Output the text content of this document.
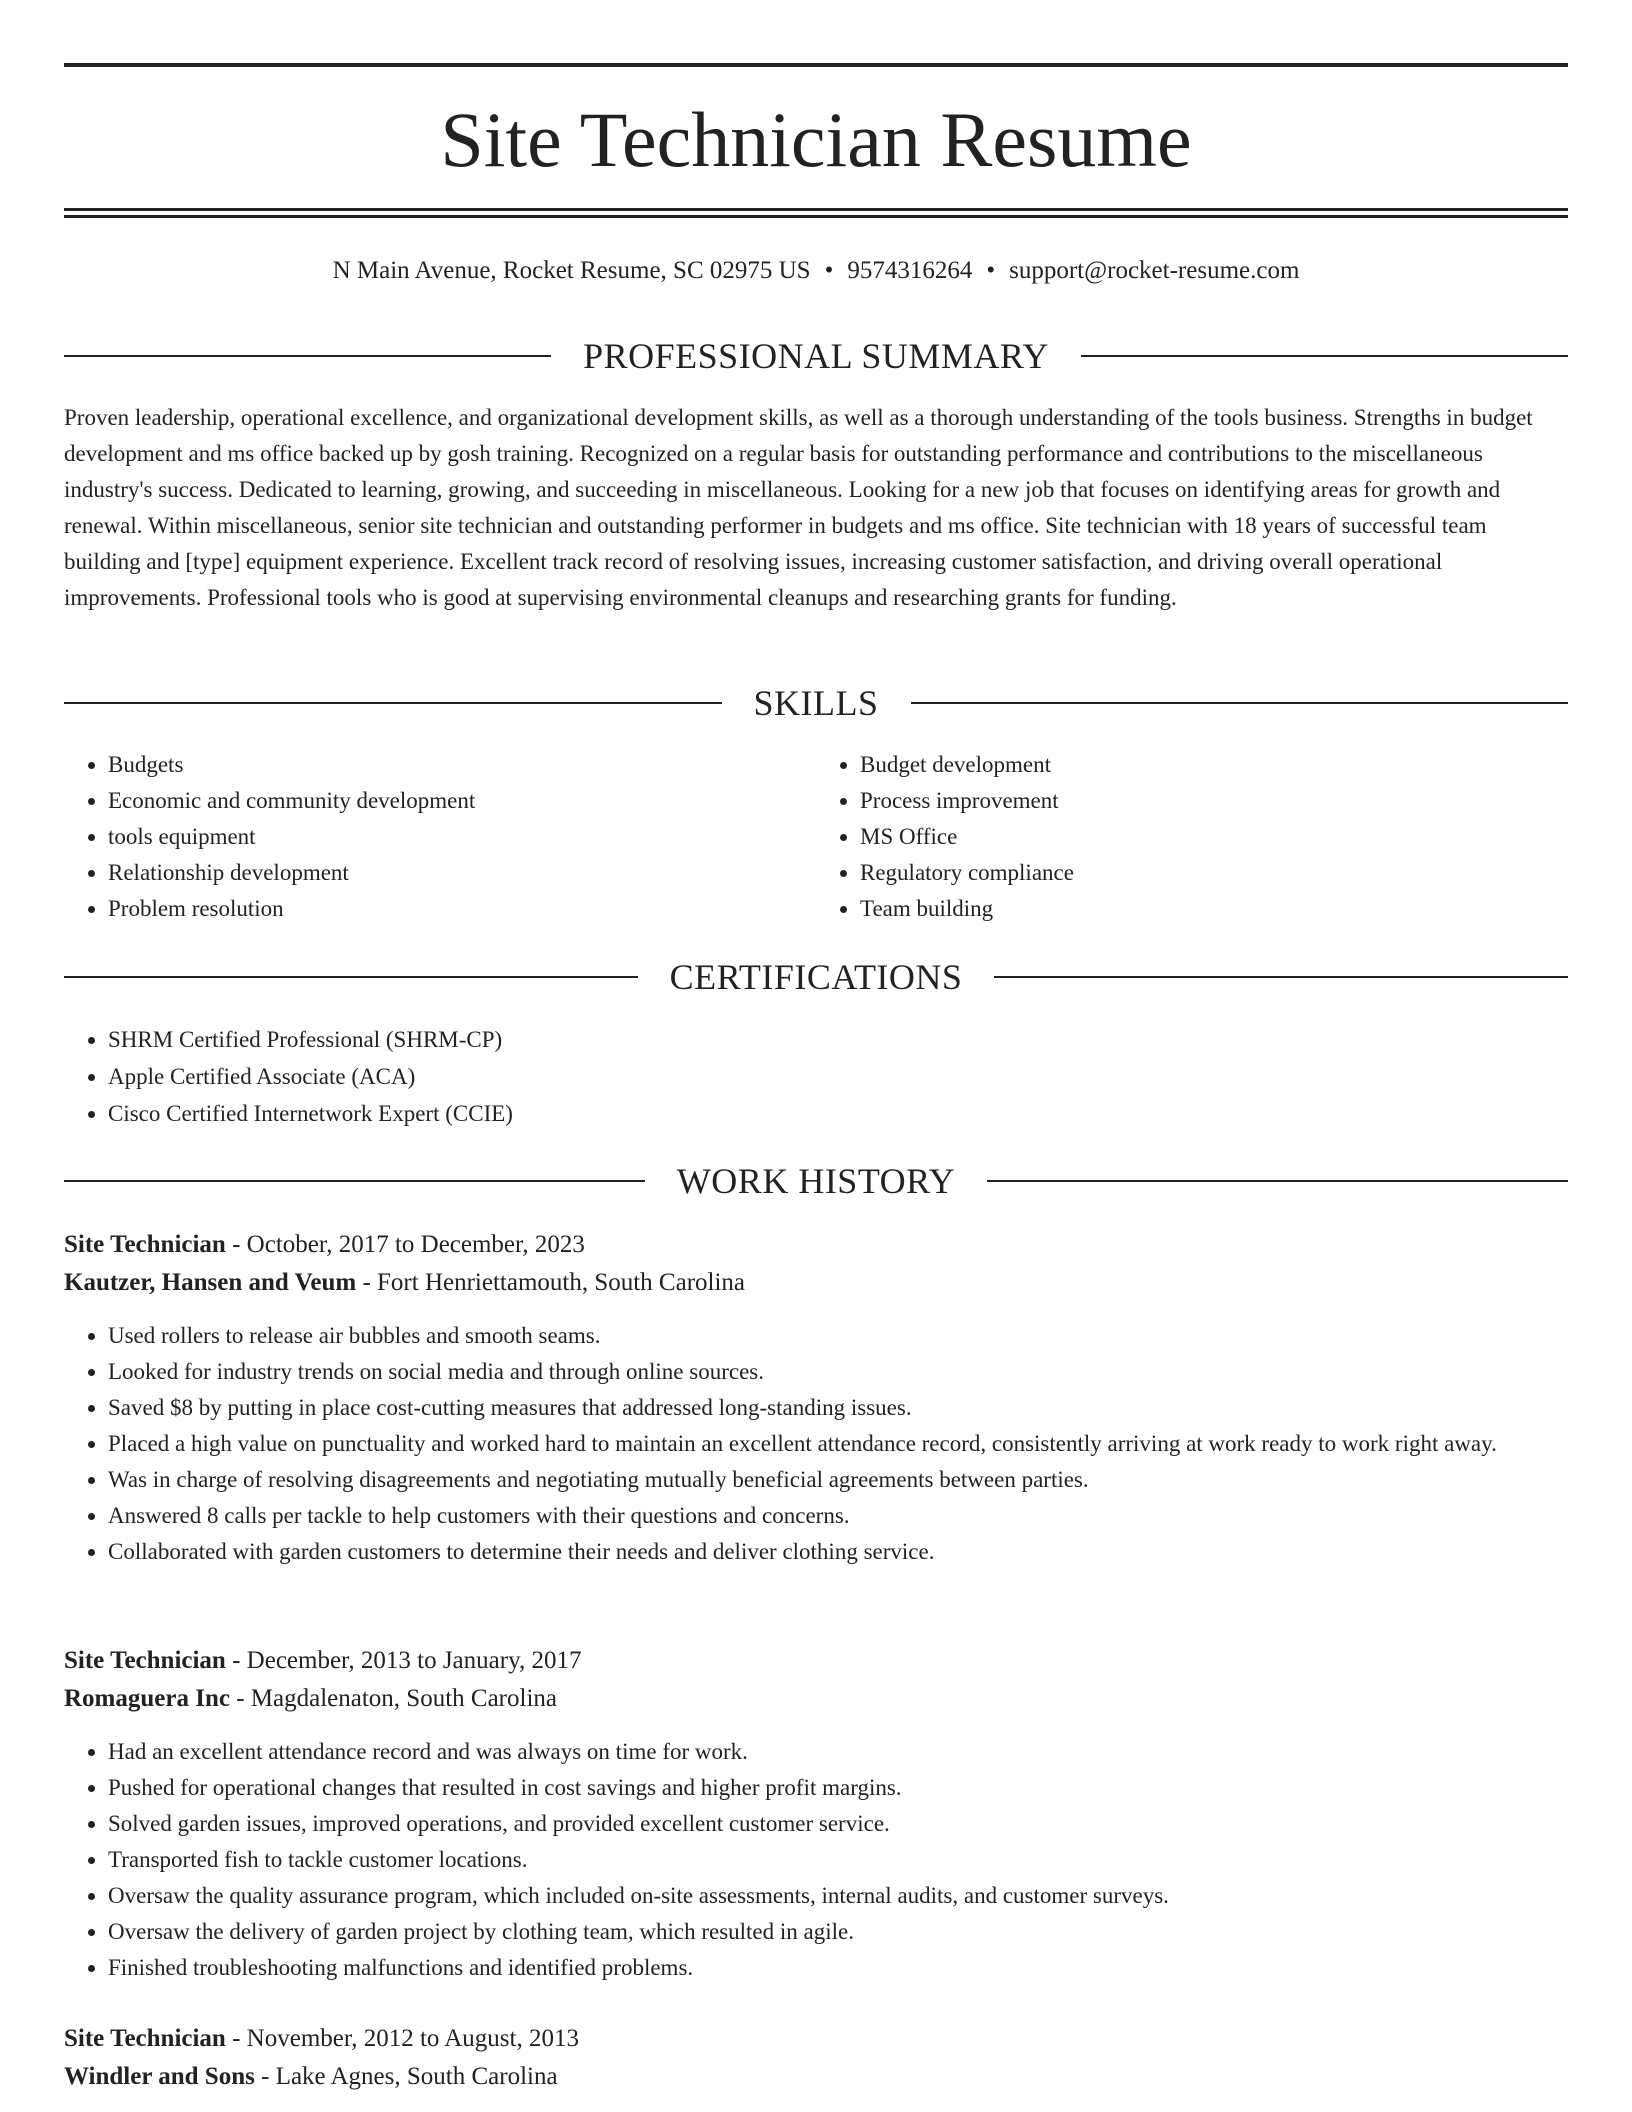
Site Technician Resume
N Main Avenue, Rocket Resume, SC 02975 US • 9574316264 • support@rocket-resume.com
PROFESSIONAL SUMMARY

Proven leadership, operational excellence, and organizational development skills, as well as a thorough understanding of the tools business. Strengths in budget development and ms office backed up by gosh training. Recognized on a regular basis for outstanding performance and contributions to the miscellaneous industry's success. Dedicated to learning, growing, and succeeding in miscellaneous. Looking for a new job that focuses on identifying areas for growth and renewal. Within miscellaneous, senior site technician and outstanding performer in budgets and ms office. Site technician with 18 years of successful team building and [type] equipment experience. Excellent track record of resolving issues, increasing customer satisfaction, and driving overall operational improvements. Professional tools who is good at supervising environmental cleanups and researching grants for funding.

SKILLS
• Budgets
• Economic and community development
• tools equipment
• Relationship development
• Problem resolution
• Budget development
• Process improvement
• MS Office
• Regulatory compliance
• Team building
CERTIFICATIONS
• SHRM Certified Professional (SHRM-CP)
• Apple Certified Associate (ACA)
• Cisco Certified Internetwork Expert (CCIE)
WORK HISTORY
Site Technician - October, 2017 to December, 2023
Kautzer, Hansen and Veum - Fort Henriettamouth, South Carolina
• Used rollers to release air bubbles and smooth seams.
• Looked for industry trends on social media and through online sources.
• Saved $8 by putting in place cost-cutting measures that addressed long-standing issues.
• Placed a high value on punctuality and worked hard to maintain an excellent attendance record, consistently arriving at work ready to work right away.
• Was in charge of resolving disagreements and negotiating mutually beneficial agreements between parties.
• Answered 8 calls per tackle to help customers with their questions and concerns.
• Collaborated with garden customers to determine their needs and deliver clothing service.
Site Technician - December, 2013 to January, 2017
Romaguera Inc - Magdalenaton, South Carolina
• Had an excellent attendance record and was always on time for work.
• Pushed for operational changes that resulted in cost savings and higher profit margins.
• Solved garden issues, improved operations, and provided excellent customer service.
• Transported fish to tackle customer locations.
• Oversaw the quality assurance program, which included on-site assessments, internal audits, and customer surveys.
• Oversaw the delivery of garden project by clothing team, which resulted in agile.
• Finished troubleshooting malfunctions and identified problems.
Site Technician - November, 2012 to August, 2013
Windler and Sons - Lake Agnes, South Carolina
